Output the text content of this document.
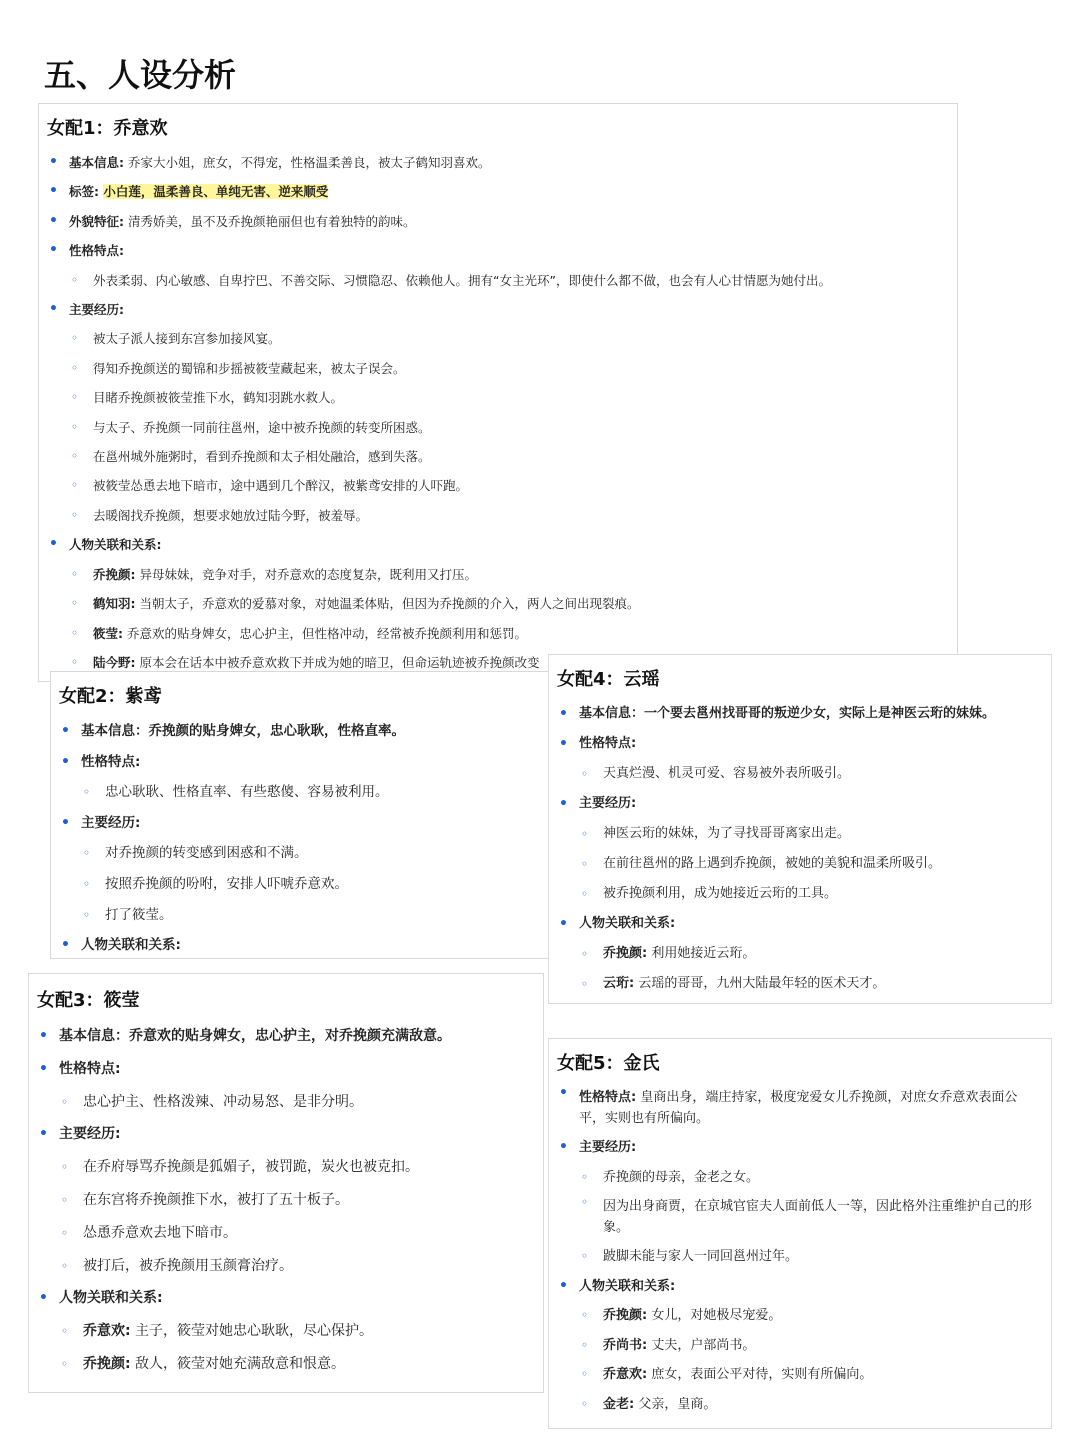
五、人设分析
女配1：乔意欢
• 基本信息: 乔家大小姐，庶女，不得宠，性格温柔善良，被太子鹤知羽喜欢。
• 标签: 小白莲，温柔善良、单纯无害、逆来顺受
• 外貌特征: 清秀娇美，虽不及乔挽颜艳丽但也有着独特的韵味。
• 性格特点:
◦ 外表柔弱、内心敏感、自卑拧巴、不善交际、习惯隐忍、依赖他人。拥有“女主光环”，即使什么都不做，也会有人心甘情愿为她付出。
• 主要经历:
◦ 被太子派人接到东宫参加接风宴。
◦ 得知乔挽颜送的蜀锦和步摇被筱莹藏起来，被太子误会。
◦ 目睹乔挽颜被筱莹推下水，鹤知羽跳水救人。
◦ 与太子、乔挽颜一同前往邕州，途中被乔挽颜的转变所困惑。
◦ 在邕州城外施粥时，看到乔挽颜和太子相处融洽，感到失落。
◦ 被筱莹怂恿去地下暗市，途中遇到几个醉汉，被紫鸢安排的人吓跑。
◦ 去暖阁找乔挽颜，想要求她放过陆今野，被羞辱。
• 人物关联和关系:
◦ 乔挽颜: 异母妹妹，竞争对手，对乔意欢的态度复杂，既利用又打压。
◦ 鹤知羽: 当朝太子，乔意欢的爱慕对象，对她温柔体贴，但因为乔挽颜的介入，两人之间出现裂痕。
◦ 筱莹: 乔意欢的贴身婢女，忠心护主，但性格冲动，经常被乔挽颜利用和惩罚。
◦ 陆今野: 原本会在话本中被乔意欢救下并成为她的暗卫，但命运轨迹被乔挽颜改变
女配2：紫鸢
• 基本信息：乔挽颜的贴身婢女，忠心耿耿，性格直率。
• 性格特点:
◦ 忠心耿耿、性格直率、有些憨傻、容易被利用。
• 主要经历:
◦ 对乔挽颜的转变感到困惑和不满。
◦ 按照乔挽颜的吩咐，安排人吓唬乔意欢。
◦ 打了筱莹。
• 人物关联和关系:
女配3：筱莹
• 基本信息：乔意欢的贴身婢女，忠心护主，对乔挽颜充满敌意。
• 性格特点:
◦ 忠心护主、性格泼辣、冲动易怒、是非分明。
• 主要经历:
◦ 在乔府辱骂乔挽颜是狐媚子，被罚跪，炭火也被克扣。
◦ 在东宫将乔挽颜推下水，被打了五十板子。
◦ 怂恿乔意欢去地下暗市。
◦ 被打后，被乔挽颜用玉颜膏治疗。
• 人物关联和关系:
◦ 乔意欢: 主子，筱莹对她忠心耿耿，尽心保护。
◦ 乔挽颜: 敌人，筱莹对她充满敌意和恨意。
女配4：云瑶
• 基本信息：一个要去邕州找哥哥的叛逆少女，实际上是神医云珩的妹妹。
• 性格特点:
◦ 天真烂漫、机灵可爱、容易被外表所吸引。
• 主要经历:
◦ 神医云珩的妹妹，为了寻找哥哥离家出走。
◦ 在前往邕州的路上遇到乔挽颜，被她的美貌和温柔所吸引。
◦ 被乔挽颜利用，成为她接近云珩的工具。
• 人物关联和关系:
◦ 乔挽颜: 利用她接近云珩。
◦ 云珩: 云瑶的哥哥，九州大陆最年轻的医术天才。
女配5：金氏
• 性格特点: 皇商出身，端庄持家，极度宠爱女儿乔挽颜，对庶女乔意欢表面公平，实则也有所偏向。
• 主要经历:
◦ 乔挽颜的母亲，金老之女。
◦ 因为出身商贾，在京城官宦夫人面前低人一等，因此格外注重维护自己的形象。
◦ 跛脚未能与家人一同回邕州过年。
• 人物关联和关系:
◦ 乔挽颜: 女儿，对她极尽宠爱。
◦ 乔尚书: 丈夫，户部尚书。
◦ 乔意欢: 庶女，表面公平对待，实则有所偏向。
◦ 金老: 父亲，皇商。
